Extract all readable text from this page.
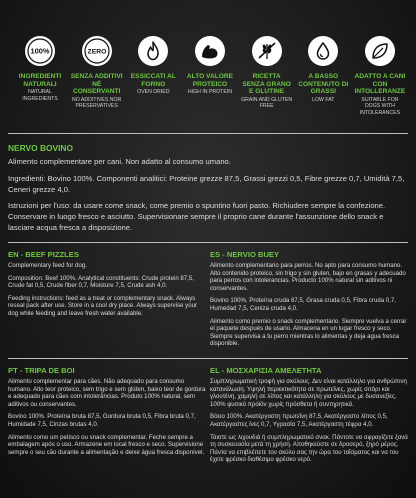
100%
INGREDIENTI NATURALI
NATURAL INGREDIENTS
ZERO
SENZA ADDITIVI NÉ CONSERVANTI
NO ADDITIVES NOR PRESERVATIVES
ESSICCATI AL FORNO
OVEN DRIED
ALTO VALORE PROTEICO
HIGH IN PROTEIN
RICETTA SENZA GRANO E GLUTINE
GRAIN AND GLUTEN FREE
A BASSO CONTENUTO DI GRASSI
LOW FAT
ADATTO A CANI CON INTOLLERANZE
SUITABLE FOR DOGS WITH INTOLERANCES
NERVO BOVINO

Alimento complementare per cani. Non adatto al consumo umano.

Ingredienti: Bovino 100%. Componenti analitici: Proteine grezze 87,5, Grassi grezzi 0,5, Fibre grezze 0,7, Umidità 7,5, Ceneri grezze 4,0.

Istruzioni per l'uso: da usare come snack, come premio o spuntino fuori pasto. Richiudere sempre la confezione. Conservare in luogo fresco e asciutto. Supervisionare sempre il proprio cane durante l'assunzione dello snack e lasciare acqua fresca a disposizione.

EN - BEEF PIZZLES

Complementary feed for dog.

Composition: Beef 100%. Analytical constituents: Crude protein 87,5, Crude fat 0,5, Crude fiber 0,7, Moisture 7,5, Crude ash 4,0.

Feeding instructions: feed as a treat or complementary snack. Always reseal pack after use. Store in a cool dry place. Always supervise your dog while feeding and leave fresh water available.

ES - NERVIO BUEY

Alimento complementario para perros. No apto para consumo humano. Alto contenido proteico, sin trigo y sin gluten, bajo en grasas y adecuado para perros con intolerancias. Producto 100% natural sin aditivos ni conservantes.

Bovino 100%. Proteína cruda 87,5, Grasa cruda 0,5, Fibra cruda 0,7, Humedad 7,5, Ceniza cruda 4,0.

Alimento como premio o snack complementario. Siempre vuelva a cerrar el paquete después de usarlo. Almacena en un lugar fresco y seco. Siempre supervisa a tu perro mientras lo alimentas y deja agua fresca disponible.

PT - TRIPA DE BOI

Alimento complementar para cães. Não adequado para consumo humano. Alto teor proteico, sem trigo e sem glúten, baixo teor de gordura e adequado para cães com intolerâncias. Produto 100% natural, sem aditivos ou conservantes.

Bovino 100%. Proteína bruta 87,5, Gordura bruta 0,5, Fibra bruta 0,7, Humidade 7,5, Cinzas brutas 4,0.

Alimento como um petisco ou snack complementar. Feche sempre a embalagem após o uso. Armazene em local fresco e seco. Supervisione sempre o seu cão durante a alimentação e deixe água fresca disponível.

EL - ΜΟΣΧΑΡΙΣΙΑ ΑΜΕΛΕΤΗΤΑ

Συμπληρωματική τροφή για σκύλους. Δεν είναι κατάλληλο για ανθρώπινη κατανάλωση. Υψηλή περιεκτικότητα σε πρωτεΐνες, χωρίς σιτάρι και γλουτένη, χαμηλή σε λίπος και κατάλληλη για σκύλους με δυσανεξίες. 100% φυσικό προϊόν χωρίς πρόσθετα ή συντηρητικά.

Βόειο 100%. Ακατέργαστη πρωτεΐνη 87,5, Ακατέργαστο λίπος 0,5, Ακατέργαστες ίνες 0,7, Υγρασία 7,5, Ακατέργαστη τέφρα 4,0.

Τάιστε ως λιχουδιά ή συμπληρωματικό σνακ. Πάντοτε να σφραγίζετε ξανά τη συσκευασία μετά τη χρήση. Αποθηκεύστε σε δροσερό, ξηρό μέρος. Πάντα να επιβλέπετε τον σκύλο σας την ώρα του ταΐσματος και να του έχετε φρέσκο διαθέσιμο φρέσκο νερό.
